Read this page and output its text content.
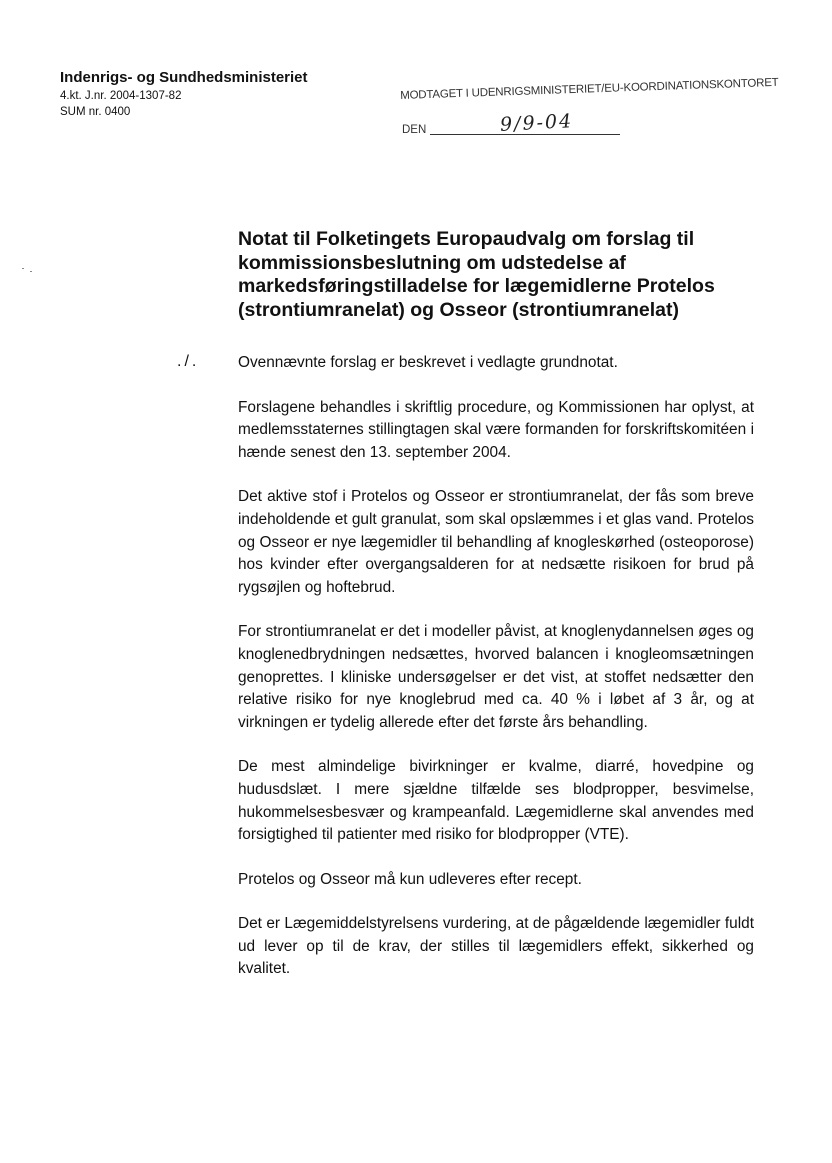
Indenrigs- og Sundhedsministeriet
4.kt. J.nr. 2004-1307-82
SUM nr. 0400
MODTAGET I UDENRIGSMINISTERIET/EU-KOORDINATIONSKONTORET
DEN	9/9-04
Notat til Folketingets Europaudvalg om forslag til kommissionsbeslutning om udstedelse af markedsføringstilladelse for lægemidlerne Protelos (strontiumranelat) og Osseor (strontiumranelat)
./.	Ovennævnte forslag er beskrevet i vedlagte grundnotat.

Forslagene behandles i skriftlig procedure, og Kommissionen har oplyst, at medlemsstaternes stillingtagen skal være formanden for forskriftskomitéen i hænde senest den 13. september 2004.

Det aktive stof i Protelos og Osseor er strontiumranelat, der fås som breve indeholdende et gult granulat, som skal opslæmmes i et glas vand. Protelos og Osseor er nye lægemidler til behandling af knogleskørhed (osteoporose) hos kvinder efter overgangsalderen for at nedsætte risikoen for brud på rygsøjlen og hoftebrud.

For strontiumranelat er det i modeller påvist, at knoglenydannelsen øges og knoglenedbrydningen nedsættes, hvorved balancen i knogleomsætningen genoprettes. I kliniske undersøgelser er det vist, at stoffet nedsætter den relative risiko for nye knoglebrud med ca. 40 % i løbet af 3 år, og at virkningen er tydelig allerede efter det første års behandling.

De mest almindelige bivirkninger er kvalme, diarré, hovedpine og hudusdslæt. I mere sjældne tilfælde ses blodpropper, besvimelse, hukommelsesbesvær og krampeanfald. Lægemidlerne skal anvendes med forsigtighed til patienter med risiko for blodpropper (VTE).

Protelos og Osseor må kun udleveres efter recept.

Det er Lægemiddelstyrelsens vurdering, at de pågældende lægemidler fuldt ud lever op til de krav, der stilles til lægemidlers effekt, sikkerhed og kvalitet.
